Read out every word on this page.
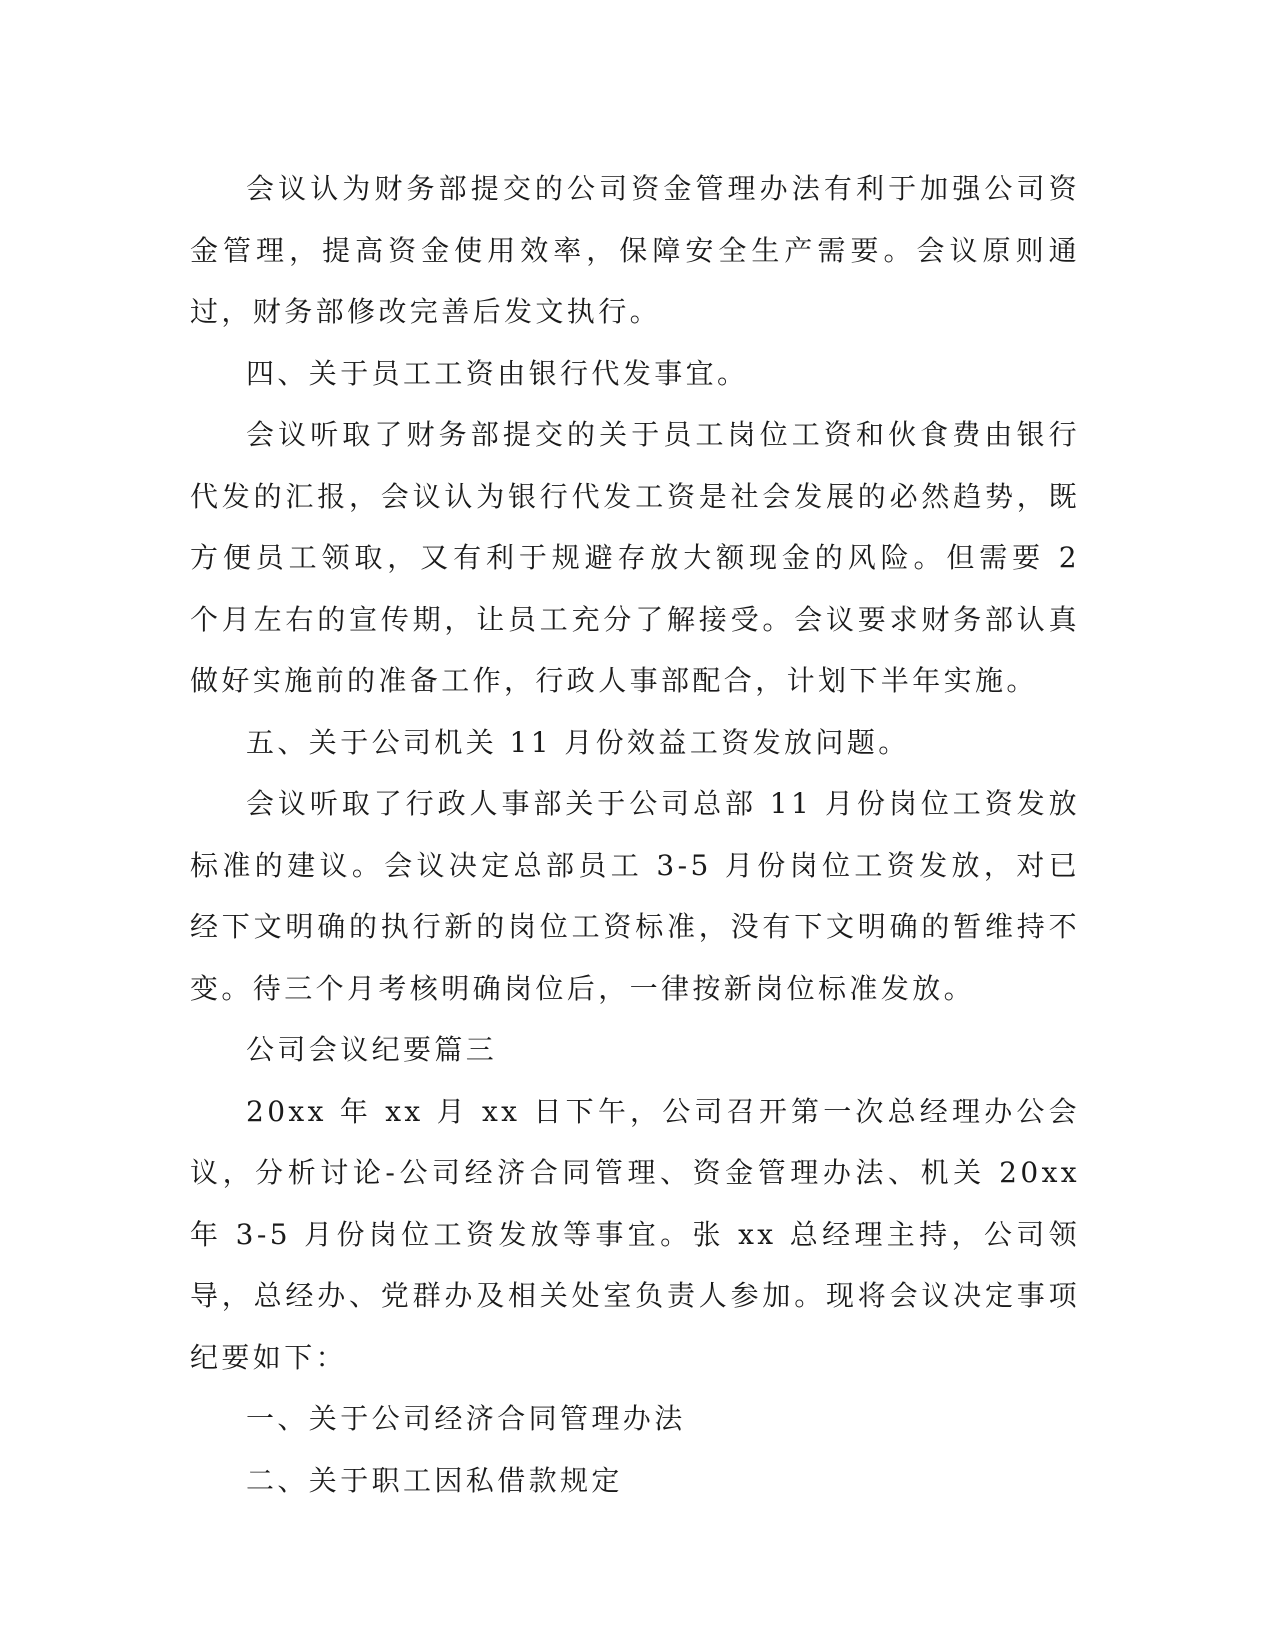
会议认为财务部提交的公司资金管理办法有利于加强公司资金管理，提高资金使用效率，保障安全生产需要。会议原则通过，财务部修改完善后发文执行。

四、关于员工工资由银行代发事宜。

会议听取了财务部提交的关于员工岗位工资和伙食费由银行代发的汇报，会议认为银行代发工资是社会发展的必然趋势，既方便员工领取，又有利于规避存放大额现金的风险。但需要 2 个月左右的宣传期，让员工充分了解接受。会议要求财务部认真做好实施前的准备工作，行政人事部配合，计划下半年实施。

五、关于公司机关 11 月份效益工资发放问题。

会议听取了行政人事部关于公司总部 11 月份岗位工资发放标准的建议。会议决定总部员工 3-5 月份岗位工资发放，对已经下文明确的执行新的岗位工资标准，没有下文明确的暂维持不变。待三个月考核明确岗位后，一律按新岗位标准发放。

公司会议纪要篇三

20xx 年 xx 月 xx 日下午，公司召开第一次总经理办公会议，分析讨论-公司经济合同管理、资金管理办法、机关 20xx 年 3-5 月份岗位工资发放等事宜。张 xx 总经理主持，公司领导，总经办、党群办及相关处室负责人参加。现将会议决定事项纪要如下：

一、关于公司经济合同管理办法

二、关于职工因私借款规定
